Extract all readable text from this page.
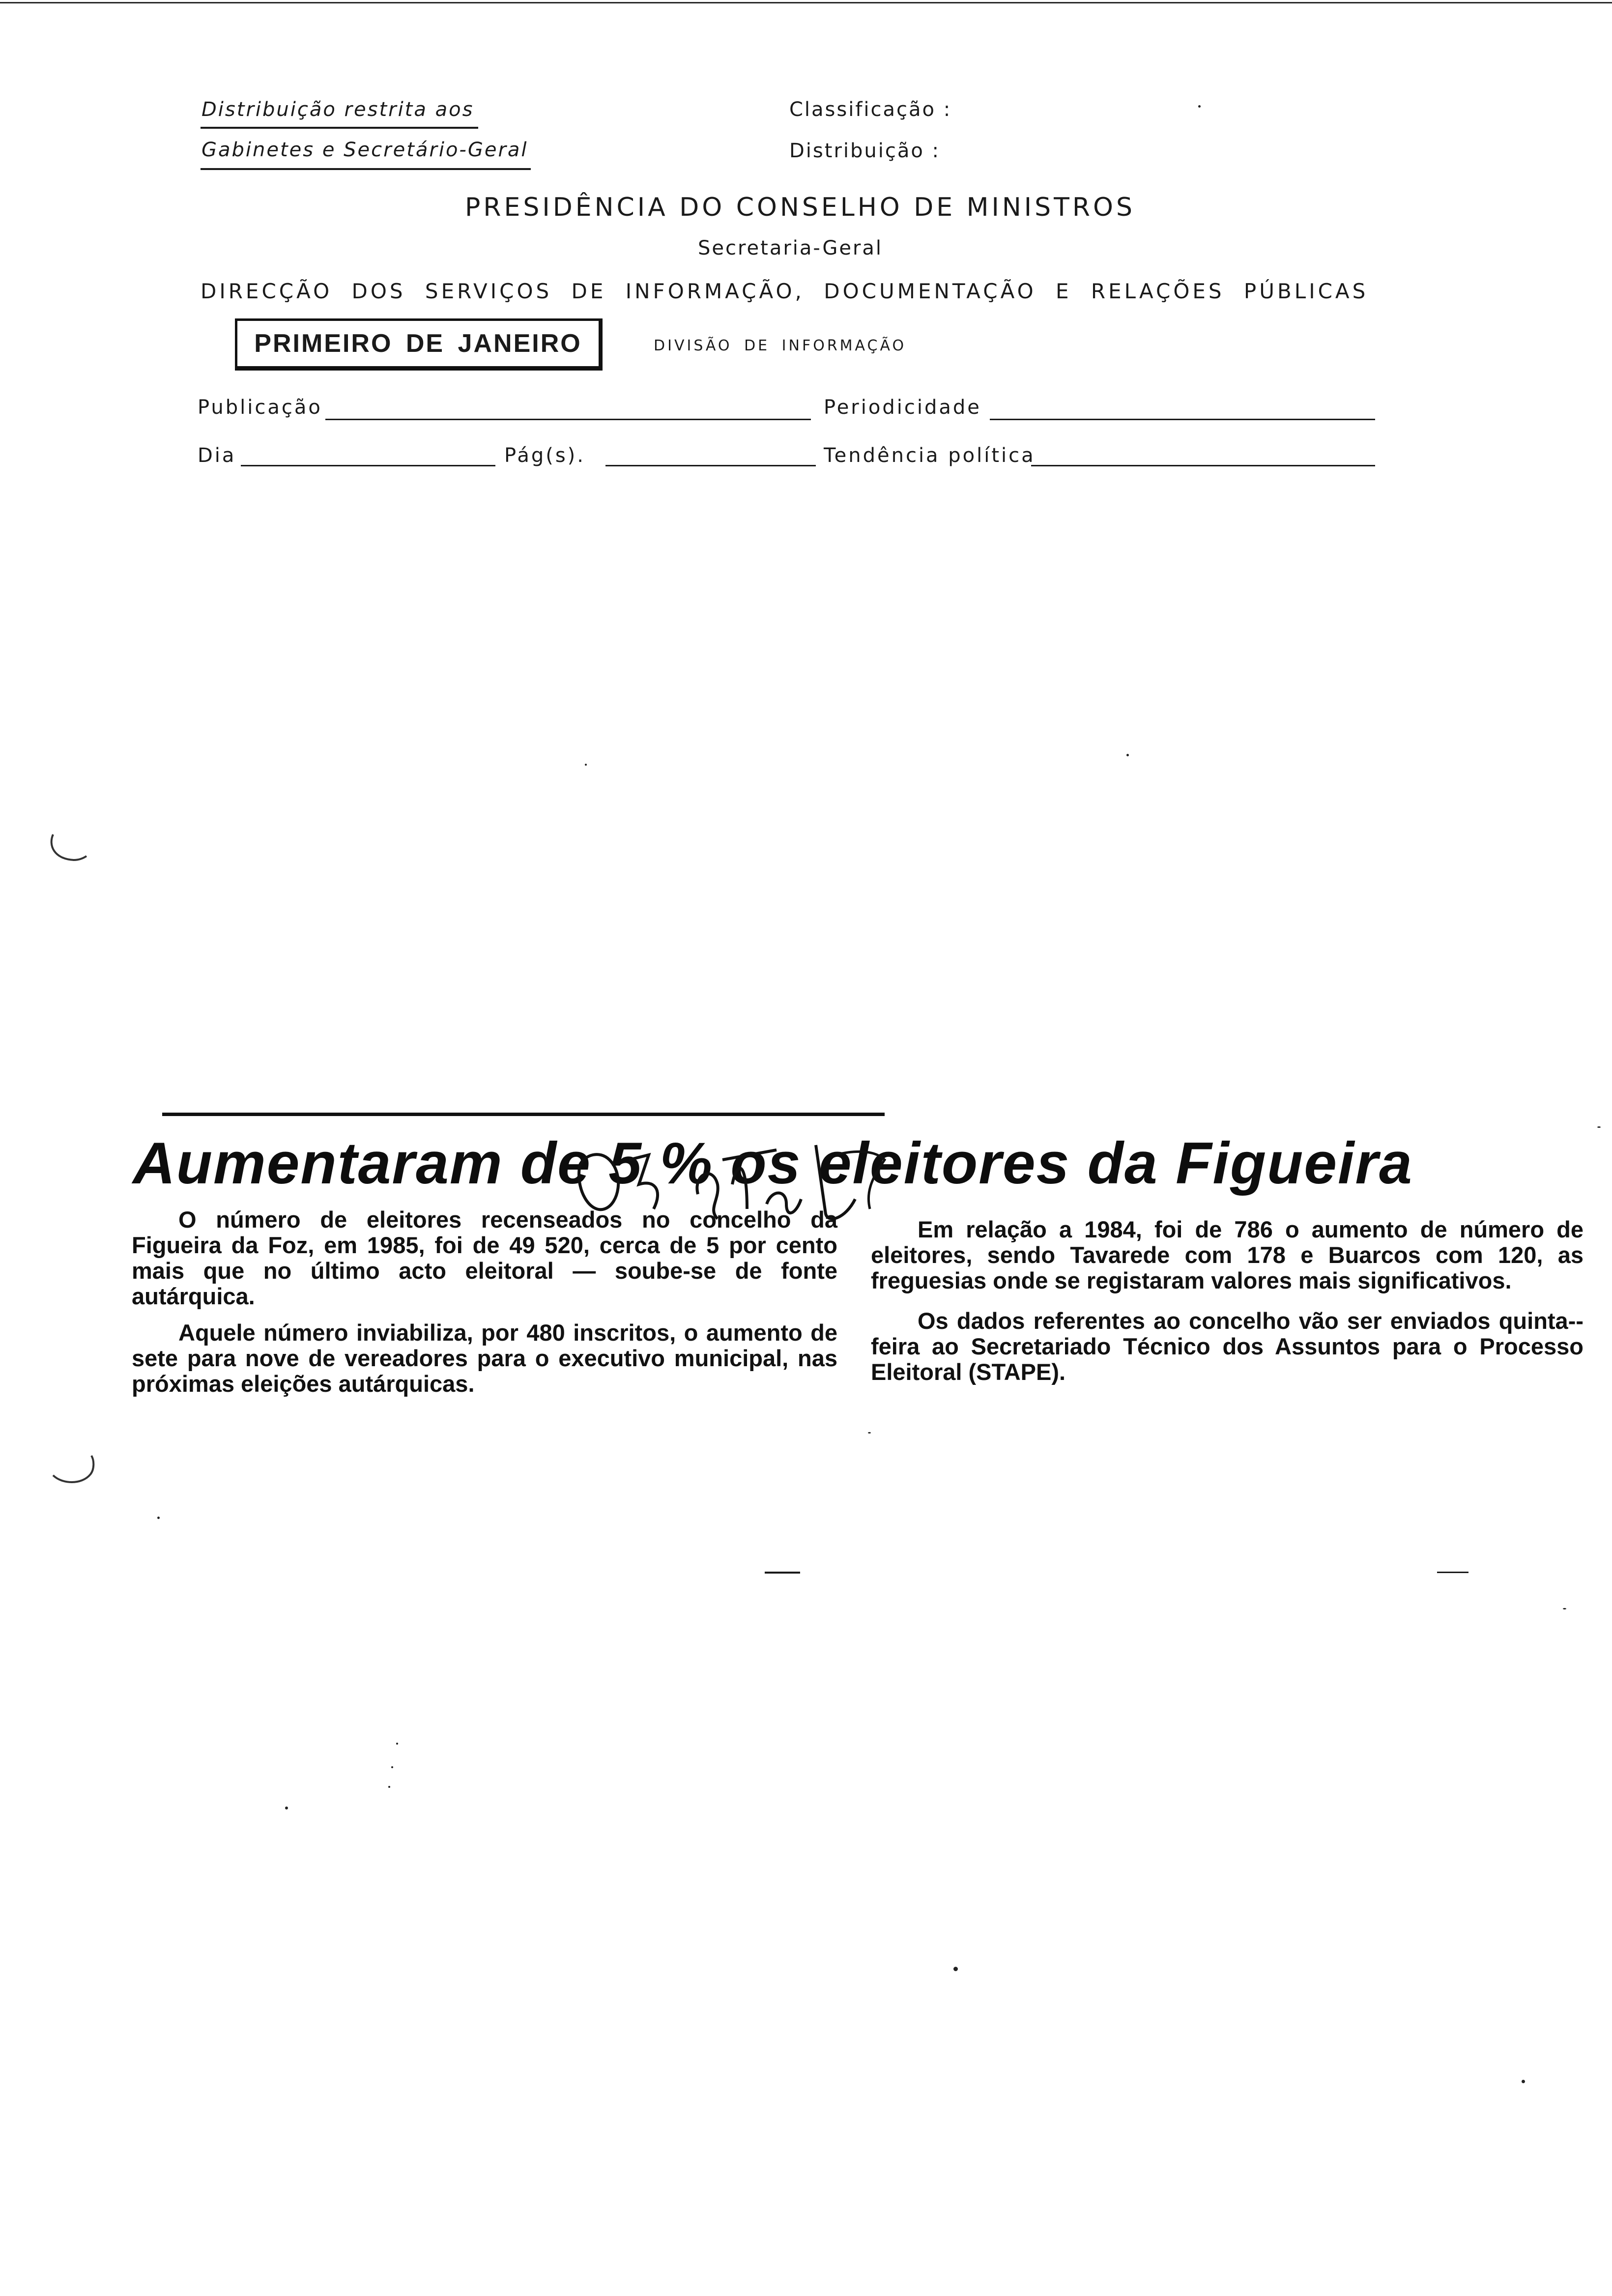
Distribuição restrita aos
Gabinetes e Secretário-Geral
Classificação :
Distribuição :
PRESIDÊNCIA DO CONSELHO DE MINISTROS
Secretaria-Geral
DIRECÇÃO DOS SERVIÇOS DE INFORMAÇÃO, DOCUMENTAÇÃO E RELAÇÕES PÚBLICAS
PRIMEIRO DE JANEIRO	DIVISÃO DE INFORMAÇÃO
Publicação	Periodicidade
Dia	Pág(s).	Tendência política
Aumentaram de 5 % os eleitores da Figueira

O número de eleitores recenseados no concelho da Figueira da Foz, em 1985, foi de 49 520, cerca de 5 por cento mais que no último acto eleitoral — soube-se de fonte autárquica.

Aquele número inviabiliza, por 480 inscritos, o aumento de sete para nove de vereadores para o executivo municipal, nas próximas eleições autárquicas.

Em relação a 1984, foi de 786 o aumento de número de eleitores, sendo Tavarede com 178 e Buarcos com 120, as freguesias onde se registaram valores mais significativos.

Os dados referentes ao concelho vão ser enviados quinta--feira ao Secretariado Técnico dos Assuntos para o Processo Eleitoral (STAPE).
